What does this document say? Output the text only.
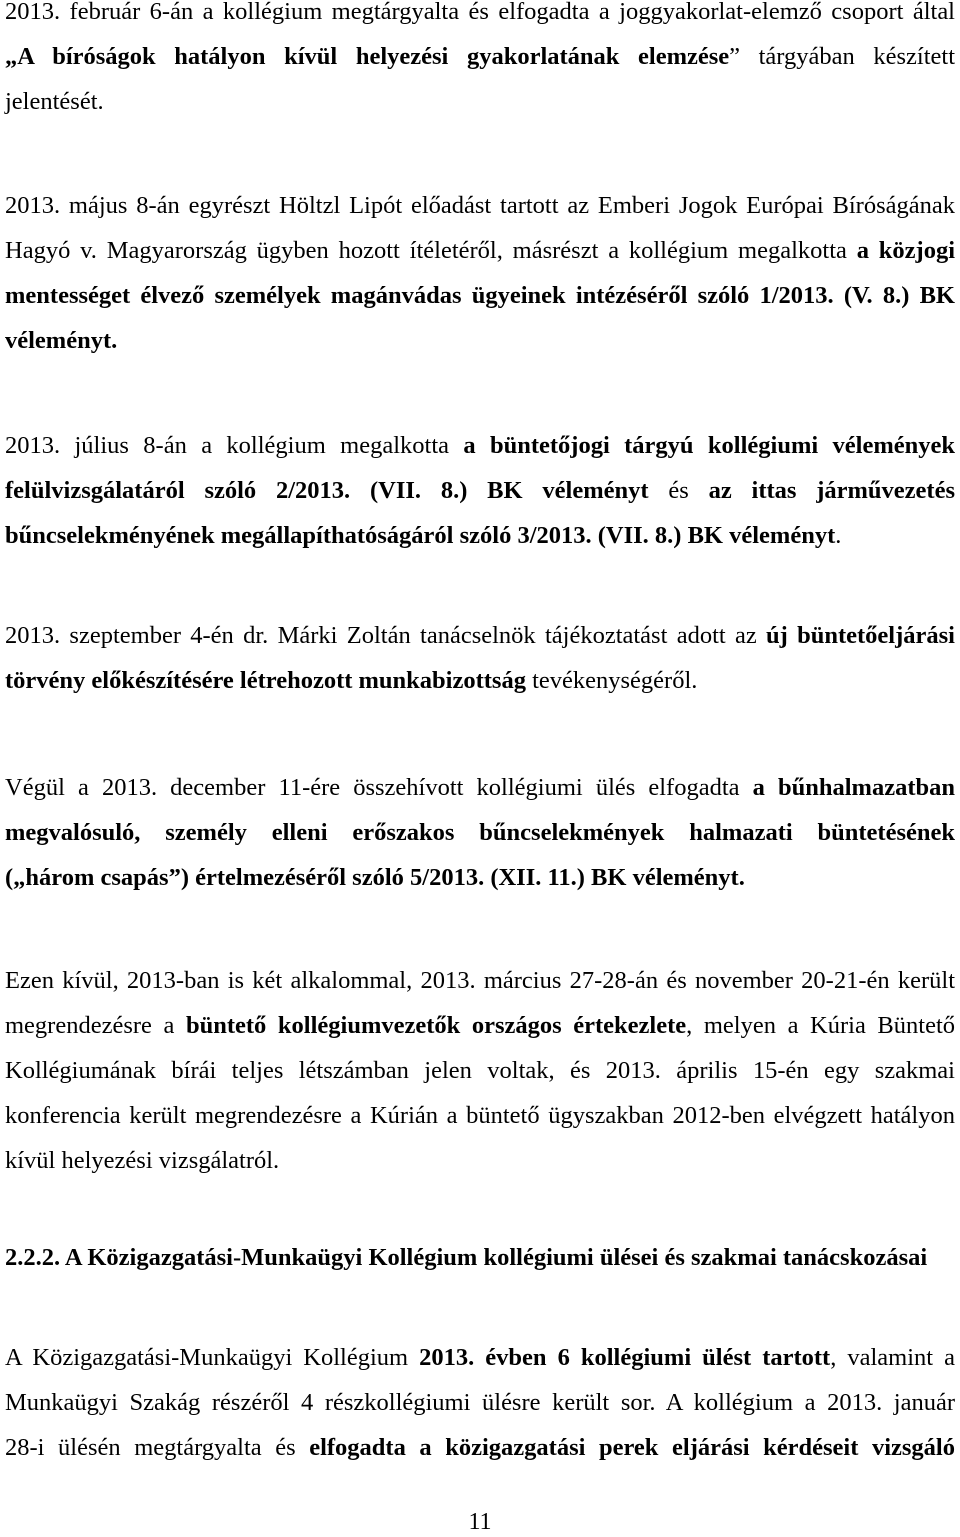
2013. február 6-án a kollégium megtárgyalta és elfogadta a joggyakorlat-elemző csoport által
„A bíróságok hatályon kívül helyezési gyakorlatának elemzése” tárgyában készített
jelentését.
2013. május 8-án egyrészt Höltzl Lipót előadást tartott az Emberi Jogok Európai Bíróságának
Hagyó v. Magyarország ügyben hozott ítéletéről, másrészt a kollégium megalkotta a közjogi
mentességet élvező személyek magánvádas ügyeinek intézéséről szóló 1/2013. (V. 8.) BK
véleményt.
2013. július 8-án a kollégium megalkotta a büntetőjogi tárgyú kollégiumi vélemények
felülvizsgálatáról szóló 2/2013. (VII. 8.) BK véleményt és az ittas járművezetés
bűncselekményének megállapíthatóságáról szóló 3/2013. (VII. 8.) BK véleményt.
2013. szeptember 4-én dr. Márki Zoltán tanácselnök tájékoztatást adott az új büntetőeljárási
törvény előkészítésére létrehozott munkabizottság tevékenységéről.
Végül a 2013. december 11-ére összehívott kollégiumi ülés elfogadta a bűnhalmazatban
megvalósuló, személy elleni erőszakos bűncselekmények halmazati büntetésének
(„három csapás”) értelmezéséről szóló 5/2013. (XII. 11.) BK véleményt.
Ezen kívül, 2013-ban is két alkalommal, 2013. március 27-28-án és november 20-21-én került
megrendezésre a büntető kollégiumvezetők országos értekezlete, melyen a Kúria Büntető
Kollégiumának bírái teljes létszámban jelen voltak, és 2013. április 15-én egy szakmai
konferencia került megrendezésre a Kúrián a büntető ügyszakban 2012-ben elvégzett hatályon
kívül helyezési vizsgálatról.
2.2.2. A Közigazgatási-Munkaügyi Kollégium kollégiumi ülései és szakmai tanácskozásai
A Közigazgatási-Munkaügyi Kollégium 2013. évben 6 kollégiumi ülést tartott, valamint a
Munkaügyi Szakág részéről 4 részkollégiumi ülésre került sor. A kollégium a 2013. január
28-i ülésén megtárgyalta és elfogadta a közigazgatási perek eljárási kérdéseit vizsgáló
11
